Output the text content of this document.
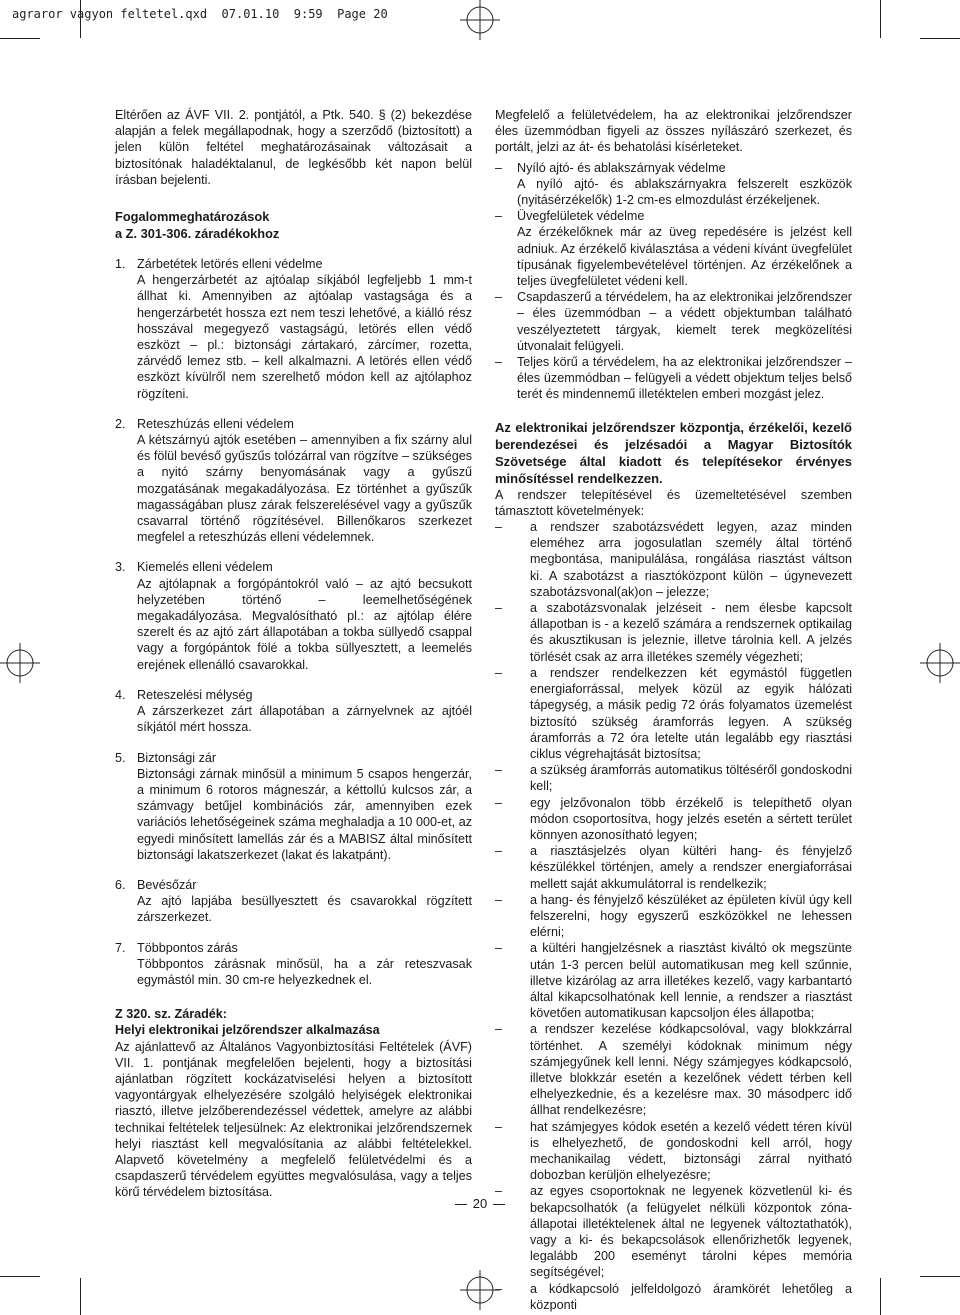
agraror vagyon feltetel.qxd  07.01.10  9:59  Page 20

Eltérően az ÁVF VII. 2. pontjától, a Ptk. 540. § (2) bekezdése alapján a felek megállapodnak, hogy a szerződő (biztosított) a jelen külön feltétel meghatározásainak változásait a biztosítónak haladéktalanul, de legkésőbb két napon belül írásban bejelenti.

Fogalommeghatározások
a Z. 301-306. záradékokhoz
1. Zárbetétek letörés elleni védelme

A hengerzárbetét az ajtóalap síkjából legfeljebb 1 mm-t állhat ki. Amennyiben az ajtóalap vastagsága és a hengerzárbetét hossza ezt nem teszi lehetővé, a kiálló rész hosszával megegyező vastagságú, letörés ellen védő eszközt – pl.: biztonsági zártakaró, zárcímer, rozetta, zárvédő lemez stb. – kell alkalmazni. A letörés ellen védő eszközt kívülről nem szerelhető módon kell az ajtólaphoz rögzíteni.

2. Reteszhúzás elleni védelem

A kétszárnyú ajtók esetében – amennyiben a fix szárny alul és fölül bevéső gyűszűs tolózárral van rögzítve – szükséges a nyitó szárny benyomásának vagy a gyűszű mozgatásának megakadályozása. Ez történhet a gyűszűk magasságában plusz zárak felszerelésével vagy a gyűszűk csavarral történő rögzítésével. Billenőkaros szerkezet megfelel a reteszhúzás elleni védelemnek.

3. Kiemelés elleni védelem

Az ajtólapnak a forgópántokról való – az ajtó becsukott helyzetében történő – leemelhetőségének megakadályozása. Megvalósítható pl.: az ajtólap élére szerelt és az ajtó zárt állapotában a tokba süllyedő csappal vagy a forgópántok fölé a tokba süllyesztett, a leemelés erejének ellenálló csavarokkal.

4. Reteszelési mélység

A zárszerkezet zárt állapotában a zárnyelvnek az ajtóél síkjától mért hossza.

5. Biztonsági zár

Biztonsági zárnak minősül a minimum 5 csapos hengerzár, a minimum 6 rotoros mágneszár, a kéttollú kulcsos zár, a számvagy betűjel kombinációs zár, amennyiben ezek variációs lehetőségeinek száma meghaladja a 10 000-et, az egyedi minősített lamellás zár és a MABISZ által minősített biztonsági lakatszerkezet (lakat és lakatpánt).

6. Bevésőzár

Az ajtó lapjába besüllyesztett és csavarokkal rögzített zárszerkezet.

7. Többpontos zárás

Többpontos zárásnak minősül, ha a zár reteszvasak egymástól min. 30 cm-re helyezkednek el.

Z 320. sz. Záradék:
Helyi elektronikai jelzőrendszer alkalmazása

Az ajánlattevő az Általános Vagyonbiztosítási Feltételek (ÁVF) VII. 1. pontjának megfelelően bejelenti, hogy a biztosítási ajánlatban rögzített kockázatviselési helyen a biztosított vagyontárgyak elhelyezésére szolgáló helyiségek elektronikai riasztó, illetve jelzőberendezéssel védettek, amelyre az alábbi technikai feltételek teljesülnek: Az elektronikai jelzőrendszernek helyi riasztást kell megvalósítania az alábbi feltételekkel. Alapvető követelmény a megfelelő felületvédelmi és a csapdaszerű térvédelem együttes megvalósulása, vagy a teljes körű térvédelem biztosítása.

Megfelelő a felületvédelem, ha az elektronikai jelzőrendszer éles üzemmódban figyeli az összes nyílászáró szerkezet, és portált, jelzi az át- és behatolási kísérleteket.

–	Nyíló ajtó- és ablakszárnyak védelme
A nyíló ajtó- és ablakszárnyakra felszerelt eszközök (nyitásérzékelők) 1-2 cm-es elmozdulást érzékeljenek.
–	Üvegfelületek védelme
Az érzékelőknek már az üveg repedésére is jelzést kell adniuk. Az érzékelő kiválasztása a védeni kívánt üvegfelület típusának figyelembevételével történjen. Az érzékelőnek a teljes üvegfelületet védeni kell.
–	Csapdaszerű a térvédelem, ha az elektronikai jelzőrendszer – éles üzemmódban – a védett objektumban található veszélyeztetett tárgyak, kiemelt terek megközelítési útvonalait felügyeli.
–	Teljes körű a térvédelem, ha az elektronikai jelzőrendszer – éles üzemmódban – felügyeli a védett objektum teljes belső terét és mindennemű illetéktelen emberi mozgást jelez.

Az elektronikai jelzőrendszer központja, érzékelői, kezelő berendezései és jelzésadói a Magyar Biztosítók Szövetsége által kiadott és telepítésekor érvényes minősítéssel rendelkezzen.

A rendszer telepítésével és üzemeltetésével szemben támasztott követelmények:

–	a rendszer szabotázsvédett legyen, azaz minden eleméhez arra jogosulatlan személy által történő megbontása, manipulálása, rongálása riasztást váltson ki. A szabotázst a riasztóközpont külön – úgynevezett szabotázsvonal(ak)on – jelezze;
–	a szabotázsvonalak jelzéseit - nem élesbe kapcsolt állapotban is - a kezelő számára a rendszernek optikailag és akusztikusan is jeleznie, illetve tárolnia kell. A jelzés törlését csak az arra illetékes személy végezheti;
–	a rendszer rendelkezzen két egymástól független energiaforrással, melyek közül az egyik hálózati tápegység, a másik pedig 72 órás folyamatos üzemelést biztosító szükség áramforrás legyen. A szükség áramforrás a 72 óra letelte után legalább egy riasztási ciklus végrehajtását biztosítsa;
–	a szükség áramforrás automatikus töltéséről gondoskodni kell;
–	egy jelzővonalon több érzékelő is telepíthető olyan módon csoportosítva, hogy jelzés esetén a sértett terület könnyen azonosítható legyen;
–	a riasztásjelzés olyan kültéri hang- és fényjelző készülékkel történjen, amely a rendszer energiaforrásai mellett saját akkumulátorral is rendelkezik;
–	a hang- és fényjelző készüléket az épületen kívül úgy kell felszerelni, hogy egyszerű eszközökkel ne lehessen elérni;
–	a kültéri hangjelzésnek a riasztást kiváltó ok megszünte után 1-3 percen belül automatikusan meg kell szűnnie, illetve kizárólag az arra illetékes kezelő, vagy karbantartó által kikapcsolhatónak kell lennie, a rendszer a riasztást követően automatikusan kapcsoljon éles állapotba;
–	a rendszer kezelése kódkapcsolóval, vagy blokkzárral történhet. A személyi kódoknak minimum négy számjegyűnek kell lenni. Négy számjegyes kódkapcsoló, illetve blokkzár esetén a kezelőnek védett térben kell elhelyezkednie, és a kezelésre max. 30 másodperc idő állhat rendelkezésre;
–	hat számjegyes kódok esetén a kezelő védett téren kívül is elhelyezhető, de gondoskodni kell arról, hogy mechanikailag védett, biztonsági zárral nyitható dobozban kerüljön elhelyezésre;
–	az egyes csoportoknak ne legyenek közvetlenül ki- és bekapcsolhatók (a felügyelet nélküli központok zóna-állapotai illetéktelenek által ne legyenek változtathatók), vagy a ki- és bekapcsolások ellenőrizhetők legyenek, legalább 200 eseményt tárolni képes memória segítségével;
–	a kódkapcsoló jelfeldolgozó áramkörét lehetőleg a központi
20
